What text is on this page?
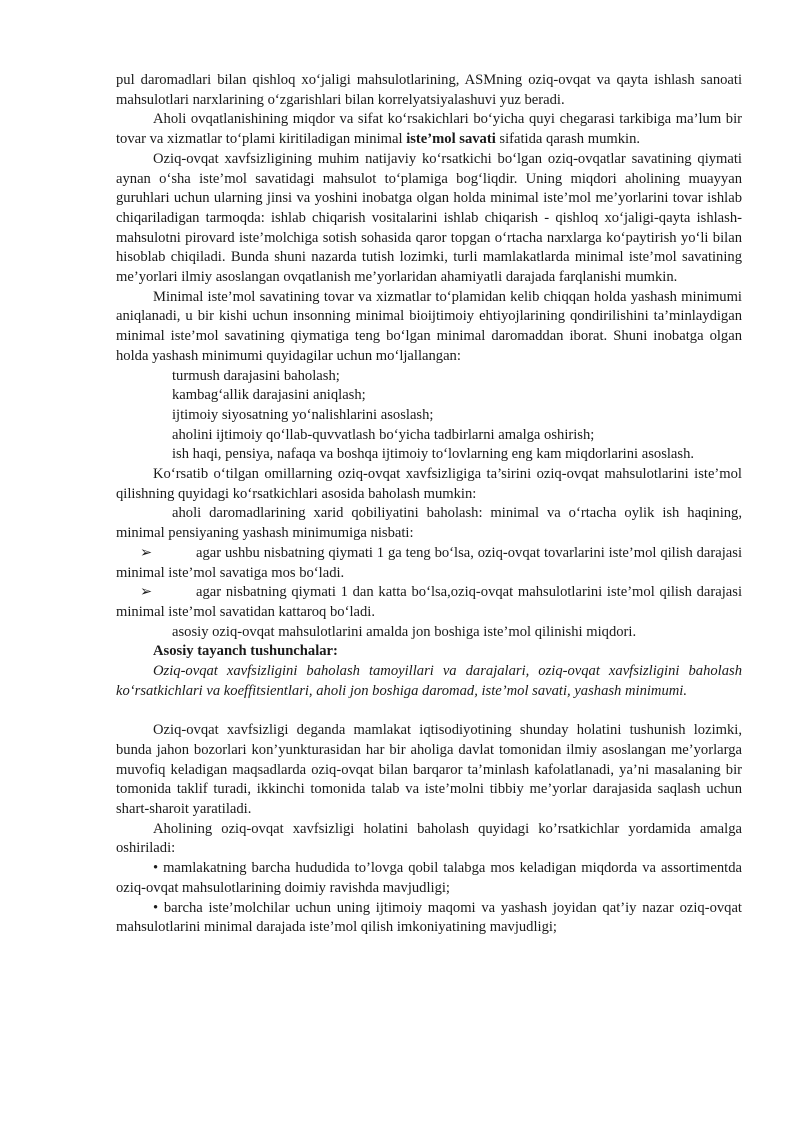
pul daromadlari bilan qishloq xo‘jaligi mahsulotlarining, ASMning oziq-ovqat va qayta ishlash sanoati mahsulotlari narxlarining o‘zgarishlari bilan korrelyatsiyalashuvi yuz beradi.

Aholi ovqatlanishining miqdor va sifat ko‘rsakichlari bo‘yicha quyi chegarasi tarkibiga ma’lum bir tovar va xizmatlar to‘plami kiritiladigan minimal iste’mol savati sifatida qarash mumkin.

Oziq-ovqat xavfsizligining muhim natijaviy ko‘rsatkichi bo‘lgan oziq-ovqatlar savatining qiymati aynan o‘sha iste’mol savatidagi mahsulot to‘plamiga bog‘liqdir. Uning miqdori aholining muayyan guruhlari uchun ularning jinsi va yoshini inobatga olgan holda minimal iste’mol me’yorlarini tovar ishlab chiqariladigan tarmoqda: ishlab chiqarish vositalarini ishlab chiqarish - qishloq xo‘jaligi-qayta ishlash-mahsulotni pirovard iste’molchiga sotish sohasida qaror topgan o‘rtacha narxlarga ko‘paytirish yo‘li bilan hisoblab chiqiladi. Bunda shuni nazarda tutish lozimki, turli mamlakatlarda minimal iste’mol savatining me’yorlari ilmiy asoslangan ovqatlanish me’yorlaridan ahamiyatli darajada farqlanishi mumkin.

Minimal iste’mol savatining tovar va xizmatlar to‘plamidan kelib chiqqan holda yashash minimumi aniqlanadi, u bir kishi uchun insonning minimal bioijtimoiy ehtiyojlarining qondirilishini ta’minlaydigan minimal iste’mol savatining qiymatiga teng bo‘lgan minimal daromaddan iborat. Shuni inobatga olgan holda yashash minimumi quyidagilar uchun mo‘ljallangan:

turmush darajasini baholash;

kambag‘allik darajasini aniqlash;

ijtimoiy siyosatning yo‘nalishlarini asoslash;

aholini ijtimoiy qo‘llab-quvvatlash bo‘yicha tadbirlarni amalga oshirish;

ish haqi, pensiya, nafaqa va boshqa ijtimoiy to‘lovlarning eng kam miqdorlarini asoslash.

Ko‘rsatib o‘tilgan omillarning oziq-ovqat xavfsizligiga ta’sirini oziq-ovqat mahsulotlarini iste’mol qilishning quyidagi ko‘rsatkichlari asosida baholash mumkin:

aholi daromadlarining xarid qobiliyatini baholash: minimal va o‘rtacha oylik ish haqining, minimal pensiyaning yashash minimumiga nisbati:

➢	agar ushbu nisbatning qiymati 1 ga teng bo‘lsa, oziq-ovqat tovarlarini iste’mol qilish darajasi minimal iste’mol savatiga mos bo‘ladi.

➢	agar nisbatning qiymati 1 dan katta bo‘lsa,oziq-ovqat mahsulotlarini iste’mol qilish darajasi minimal iste’mol savatidan kattaroq bo‘ladi.

asosiy oziq-ovqat mahsulotlarini amalda jon boshiga iste’mol qilinishi miqdori.

Asosiy tayanch tushunchalar:

Oziq-ovqat xavfsizligini baholash tamoyillari va darajalari, oziq-ovqat xavfsizligini baholash ko‘rsatkichlari va koeffitsientlari, aholi jon boshiga daromad, iste’mol savati, yashash minimumi.

Oziq-ovqat xavfsizligi deganda mamlakat iqtisodiyotining shunday holatini tushunish lozimki, bunda jahon bozorlari kon’yunkturasidan har bir aholiga davlat tomonidan ilmiy asoslangan me’yorlarga muvofiq keladigan maqsadlarda oziq-ovqat bilan barqaror ta’minlash kafolatlanadi, ya’ni masalaning bir tomonida taklif turadi, ikkinchi tomonida talab va iste’molni tibbiy me’yorlar darajasida saqlash uchun shart-sharoit yaratiladi.

Aholining oziq-ovqat xavfsizligi holatini baholash quyidagi ko’rsatkichlar yordamida amalga oshiriladi:

• mamlakatning barcha hududida to’lovga qobil talabga mos keladigan miqdorda va assortimentda oziq-ovqat mahsulotlarining doimiy ravishda mavjudligi;

• barcha iste’molchilar uchun uning ijtimoiy maqomi va yashash joyidan qat’iy nazar oziq-ovqat mahsulotlarini minimal darajada iste’mol qilish imkoniyatining mavjudligi;
